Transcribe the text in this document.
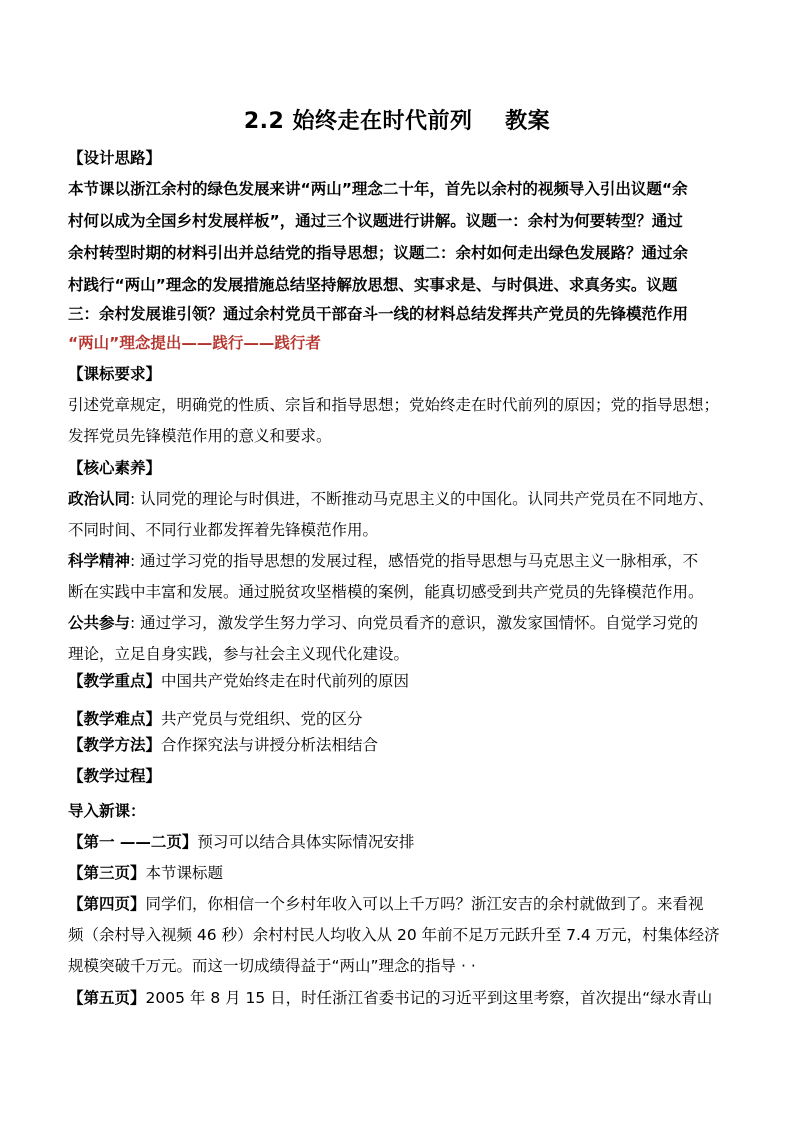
2.2 始终走在时代前列    教案
【设计思路】
本节课以浙江余村的绿色发展来讲“两山”理念二十年，首先以余村的视频导入引出议题“余
村何以成为全国乡村发展样板”，通过三个议题进行讲解。议题一：余村为何要转型？通过
余村转型时期的材料引出并总结党的指导思想；议题二：余村如何走出绿色发展路？通过余
村践行“两山”理念的发展措施总结坚持解放思想、实事求是、与时俱进、求真务实。议题
三：余村发展谁引领？通过余村党员干部奋斗一线的材料总结发挥共产党员的先锋模范作用
“两山”理念提出——践行——践行者
【课标要求】
引述党章规定，明确党的性质、宗旨和指导思想；党始终走在时代前列的原因；党的指导思想；
发挥党员先锋模范作用的意义和要求。
【核心素养】
政治认同: 认同党的理论与时俱进，不断推动马克思主义的中国化。认同共产党员在不同地方、
不同时间、不同行业都发挥着先锋模范作用。
科学精神: 通过学习党的指导思想的发展过程，感悟党的指导思想与马克思主义一脉相承，不
断在实践中丰富和发展。通过脱贫攻坚楷模的案例，能真切感受到共产党员的先锋模范作用。
公共参与: 通过学习，激发学生努力学习、向党员看齐的意识，激发家国情怀。自觉学习党的
理论，立足自身实践，参与社会主义现代化建设。
【教学重点】中国共产党始终走在时代前列的原因
【教学难点】共产党员与党组织、党的区分
【教学方法】合作探究法与讲授分析法相结合
【教学过程】
导入新课：
【第一 ——二页】预习可以结合具体实际情况安排
【第三页】本节课标题
【第四页】同学们，你相信一个乡村年收入可以上千万吗？浙江安吉的余村就做到了。来看视
频（余村导入视频 46 秒）余村村民人均收入从 20 年前不足万元跃升至 7.4 万元，村集体经济
规模突破千万元。而这一切成绩得益于“两山”理念的指导 · ·
【第五页】2005 年 8 月 15 日，时任浙江省委书记的习近平到这里考察，首次提出“绿水青山
